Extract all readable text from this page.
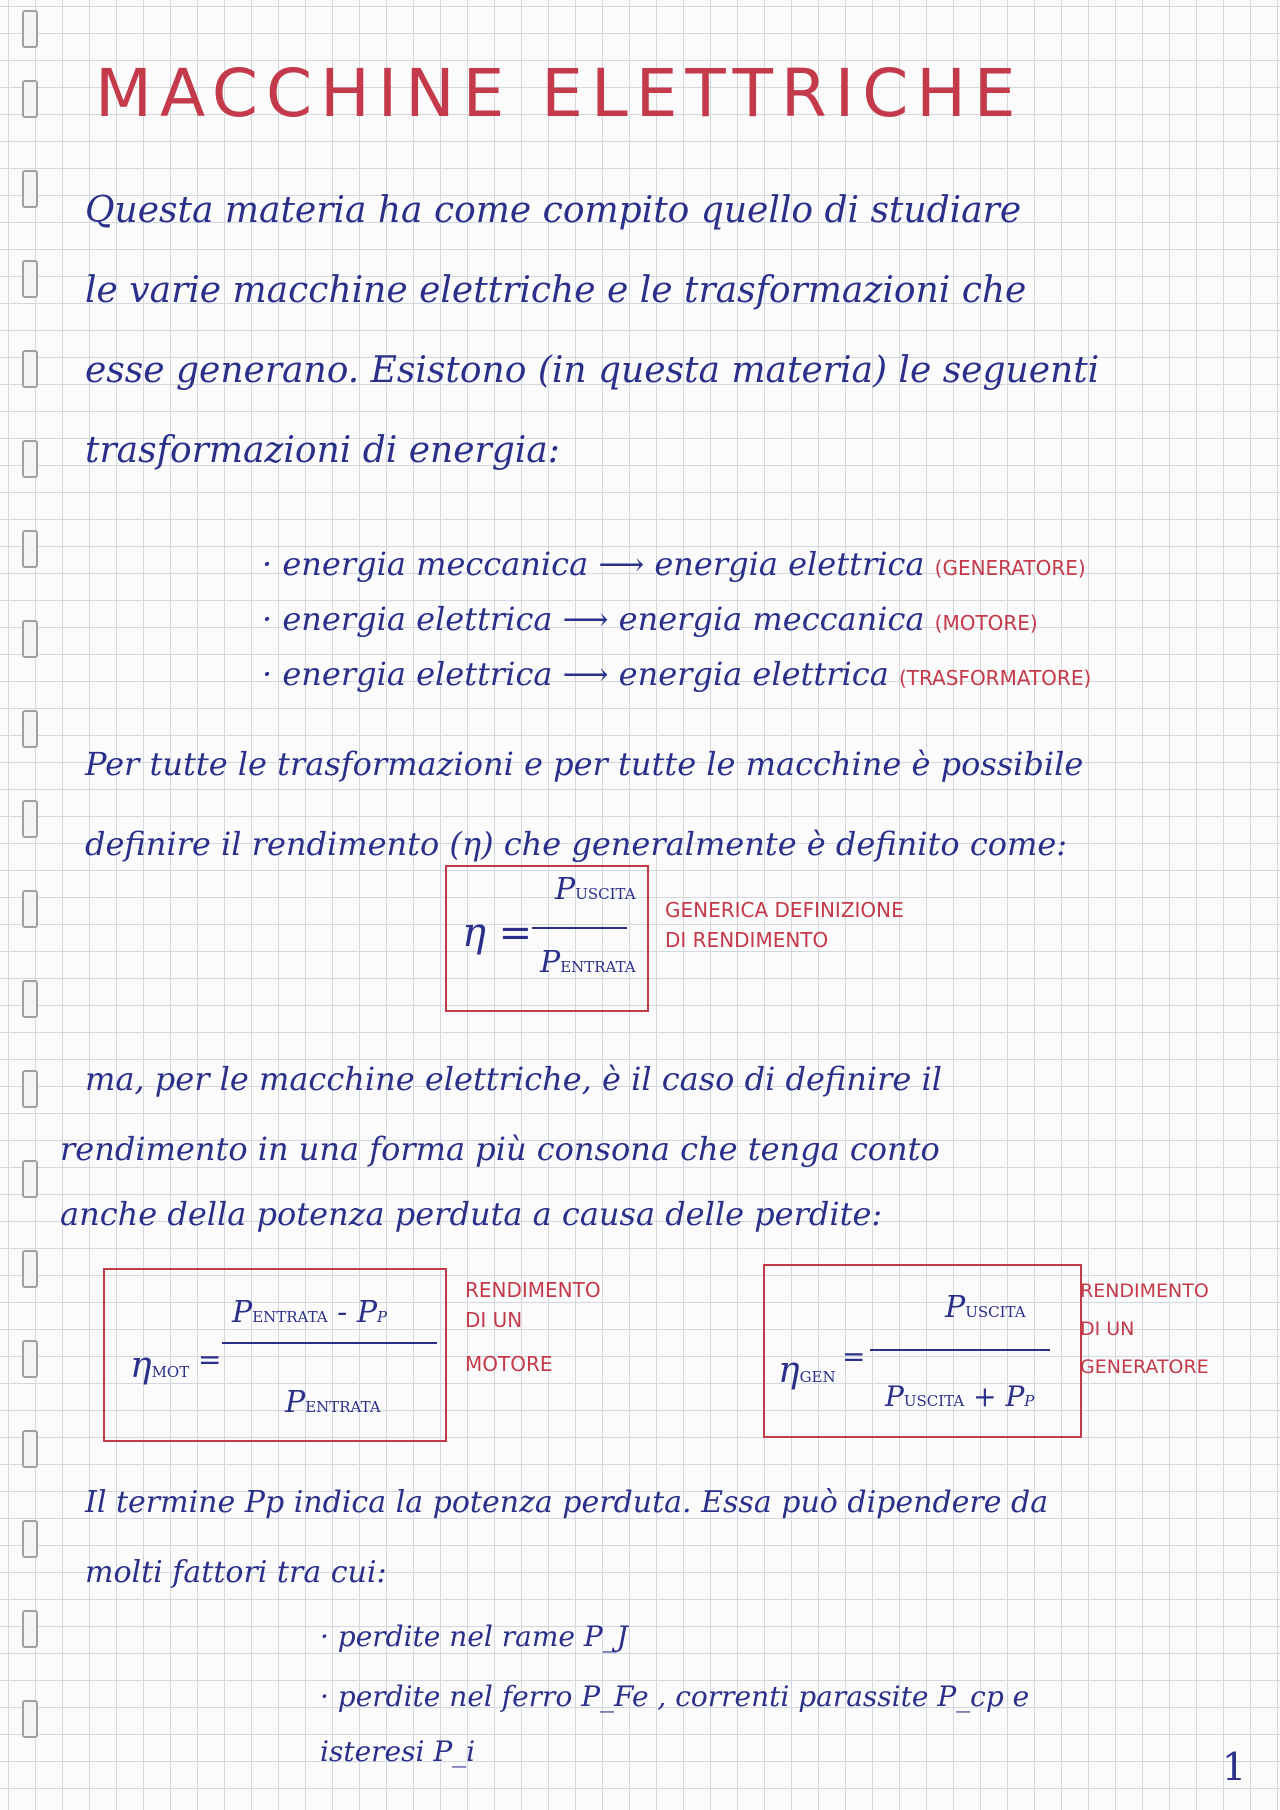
MACCHINE ELETTRICHE
Questa materia ha come compito quello di studiare
le varie macchine elettriche e le trasformazioni che
esse generano. Esistono (in questa materia) le seguenti
trasformazioni di energia:
· energia meccanica ⟶ energia elettrica (GENERATORE)
· energia elettrica ⟶ energia meccanica (MOTORE)
· energia elettrica ⟶ energia elettrica (TRASFORMATORE)
Per tutte le trasformazioni e per tutte le macchine è possibile
definire il rendimento (η) che generalmente è definito come:
η =
PUSCITA
PENTRATA
GENERICA DEFINIZIONE
DI RENDIMENTO
ma, per le macchine elettriche, è il caso di definire il
rendimento in una forma più consona che tenga conto
anche della potenza perduta a causa delle perdite:
ηMOT =
PENTRATA - PP
PENTRATA
RENDIMENTO
DI UN
MOTORE	ηGEN
=
PUSCITA
PUSCITA + PP
RENDIMENTO
DI UN
GENERATORE
Il termine Pp indica la potenza perduta. Essa può dipendere da
molti fattori tra cui:
· perdite nel rame P_J
· perdite nel ferro P_Fe , correnti parassite P_cp e
isteresi P_i	1
